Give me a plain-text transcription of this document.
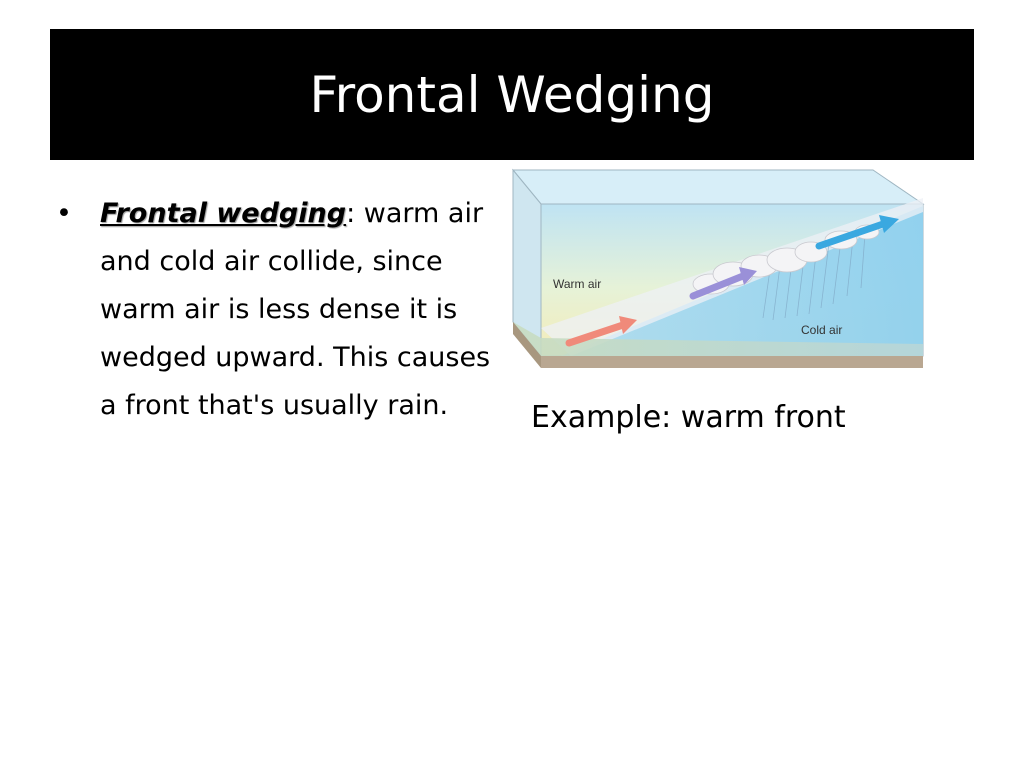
Frontal Wedging
•	Frontal wedging: warm air and cold air collide, since warm air is less dense it is wedged upward. This causes a front that's usually rain.
Warm air
Cold air
Example: warm front
